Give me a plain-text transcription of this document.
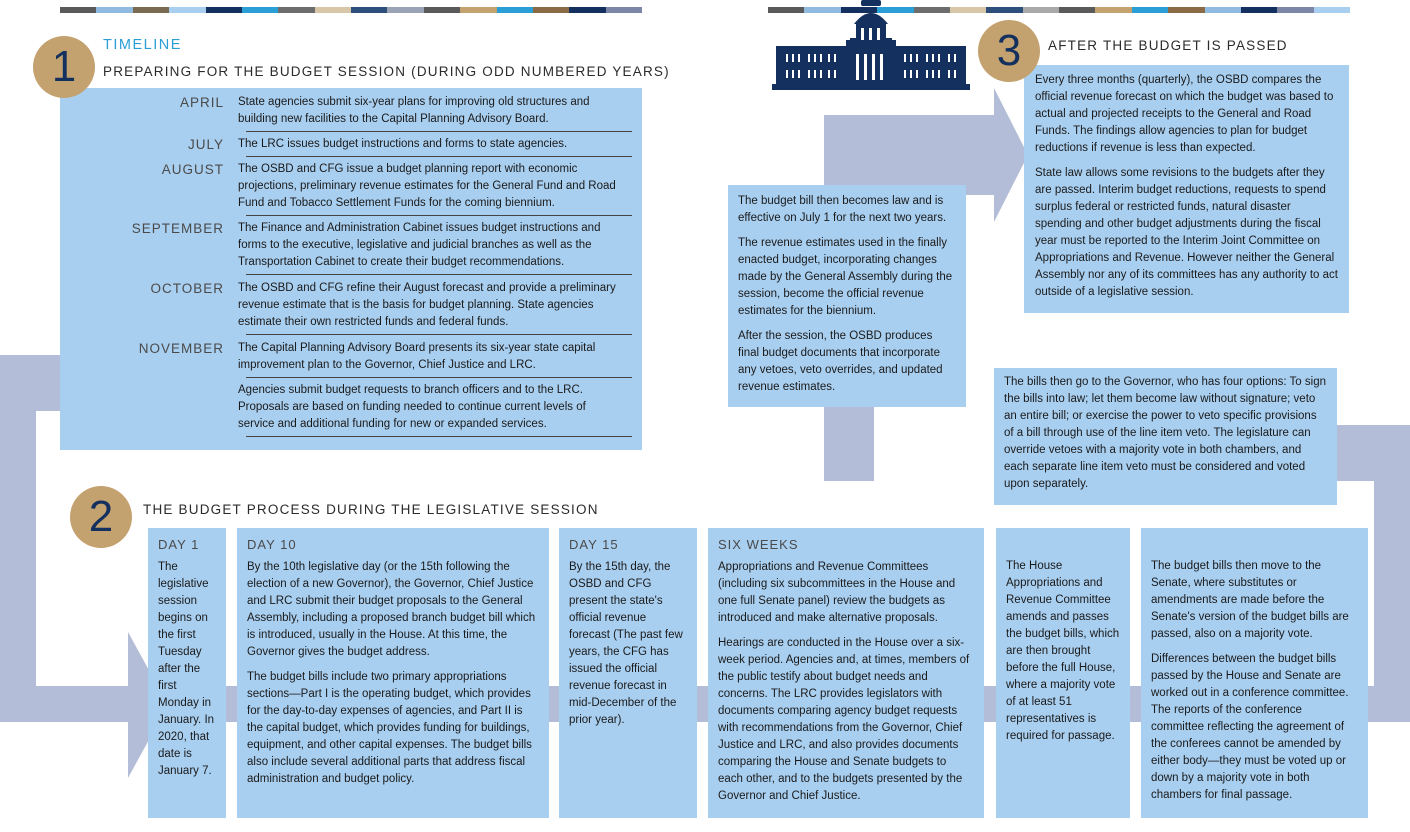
APRIL	State agencies submit six-year plans for improving old structures and building new facilities to the Capital Planning Advisory Board.
JULY	The LRC issues budget instructions and forms to state agencies.
AUGUST	The OSBD and CFG issue a budget planning report with economic projections, preliminary revenue estimates for the General Fund and Road Fund and Tobacco Settlement Funds for the coming biennium.
SEPTEMBER	The Finance and Administration Cabinet issues budget instructions and forms to the executive, legislative and judicial branches as well as the Transportation Cabinet to create their budget recommendations.
OCTOBER	The OSBD and CFG refine their August forecast and provide a preliminary revenue estimate that is the basis for budget planning. State agencies estimate their own restricted funds and federal funds.
NOVEMBER	The Capital Planning Advisory Board presents its six-year state capital improvement plan to the Governor, Chief Justice and LRC.
Agencies submit budget requests to branch officers and to the LRC. Proposals are based on funding needed to continue current levels of service and additional funding for new or expanded services.
1	TIMELINE
PREPARING FOR THE BUDGET SESSION (DURING ODD NUMBERED YEARS)

The budget bill then becomes law and is effective on July 1 for the next two years.

The revenue estimates used in the finally enacted budget, incorporating changes made by the General Assembly during the session, become the official revenue estimates for the biennium.

After the session, the OSBD produces final budget documents that incorporate any vetoes, veto overrides, and updated revenue estimates.

Every three months (quarterly), the OSBD compares the official revenue forecast on which the budget was based to actual and projected receipts to the General and Road Funds. The findings allow agencies to plan for budget reductions if revenue is less than expected.

State law allows some revisions to the budgets after they are passed. Interim budget reductions, requests to spend surplus federal or restricted funds, natural disaster spending and other budget adjustments during the fiscal year must be reported to the Interim Joint Committee on Appropriations and Revenue. However neither the General Assembly nor any of its committees has any authority to act outside of a legislative session.

3	AFTER THE BUDGET IS PASSED

The bills then go to the Governor, who has four options: To sign the bills into law; let them become law without signature; veto an entire bill; or exercise the power to veto specific provisions of a bill through use of the line item veto. The legislature can override vetoes with a majority vote in both chambers, and each separate line item veto must be considered and voted upon separately.

2	THE BUDGET PROCESS DURING THE LEGISLATIVE SESSION
DAY 1

The legislative session begins on the first Tuesday after the first Monday in January. In 2020, that date is January 7.

DAY 10

By the 10th legislative day (or the 15th following the election of a new Governor), the Governor, Chief Justice and LRC submit their budget proposals to the General Assembly, including a proposed branch budget bill which is introduced, usually in the House. At this time, the Governor gives the budget address.

The budget bills include two primary appropriations sections—Part I is the operating budget, which provides for the day-to-day expenses of agencies, and Part II is the capital budget, which provides funding for buildings, equipment, and other capital expenses. The budget bills also include several additional parts that address fiscal administration and budget policy.

DAY 15

By the 15th day, the OSBD and CFG present the state's official revenue forecast (The past few years, the CFG has issued the official revenue forecast in mid-December of the prior year).

SIX WEEKS

Appropriations and Revenue Committees (including six subcommittees in the House and one full Senate panel) review the budgets as introduced and make alternative proposals.

Hearings are conducted in the House over a six-week period. Agencies and, at times, members of the public testify about budget needs and concerns. The LRC provides legislators with documents comparing agency budget requests with recommendations from the Governor, Chief Justice and LRC, and also provides documents comparing the House and Senate budgets to each other, and to the budgets presented by the Governor and Chief Justice.

The House Appropriations and Revenue Committee amends and passes the budget bills, which are then brought before the full House, where a majority vote of at least 51 representatives is required for passage.

The budget bills then move to the Senate, where substitutes or amendments are made before the Senate's version of the budget bills are passed, also on a majority vote.

Differences between the budget bills passed by the House and Senate are worked out in a conference committee. The reports of the conference committee reflecting the agreement of the conferees cannot be amended by either body—they must be voted up or down by a majority vote in both chambers for final passage.
